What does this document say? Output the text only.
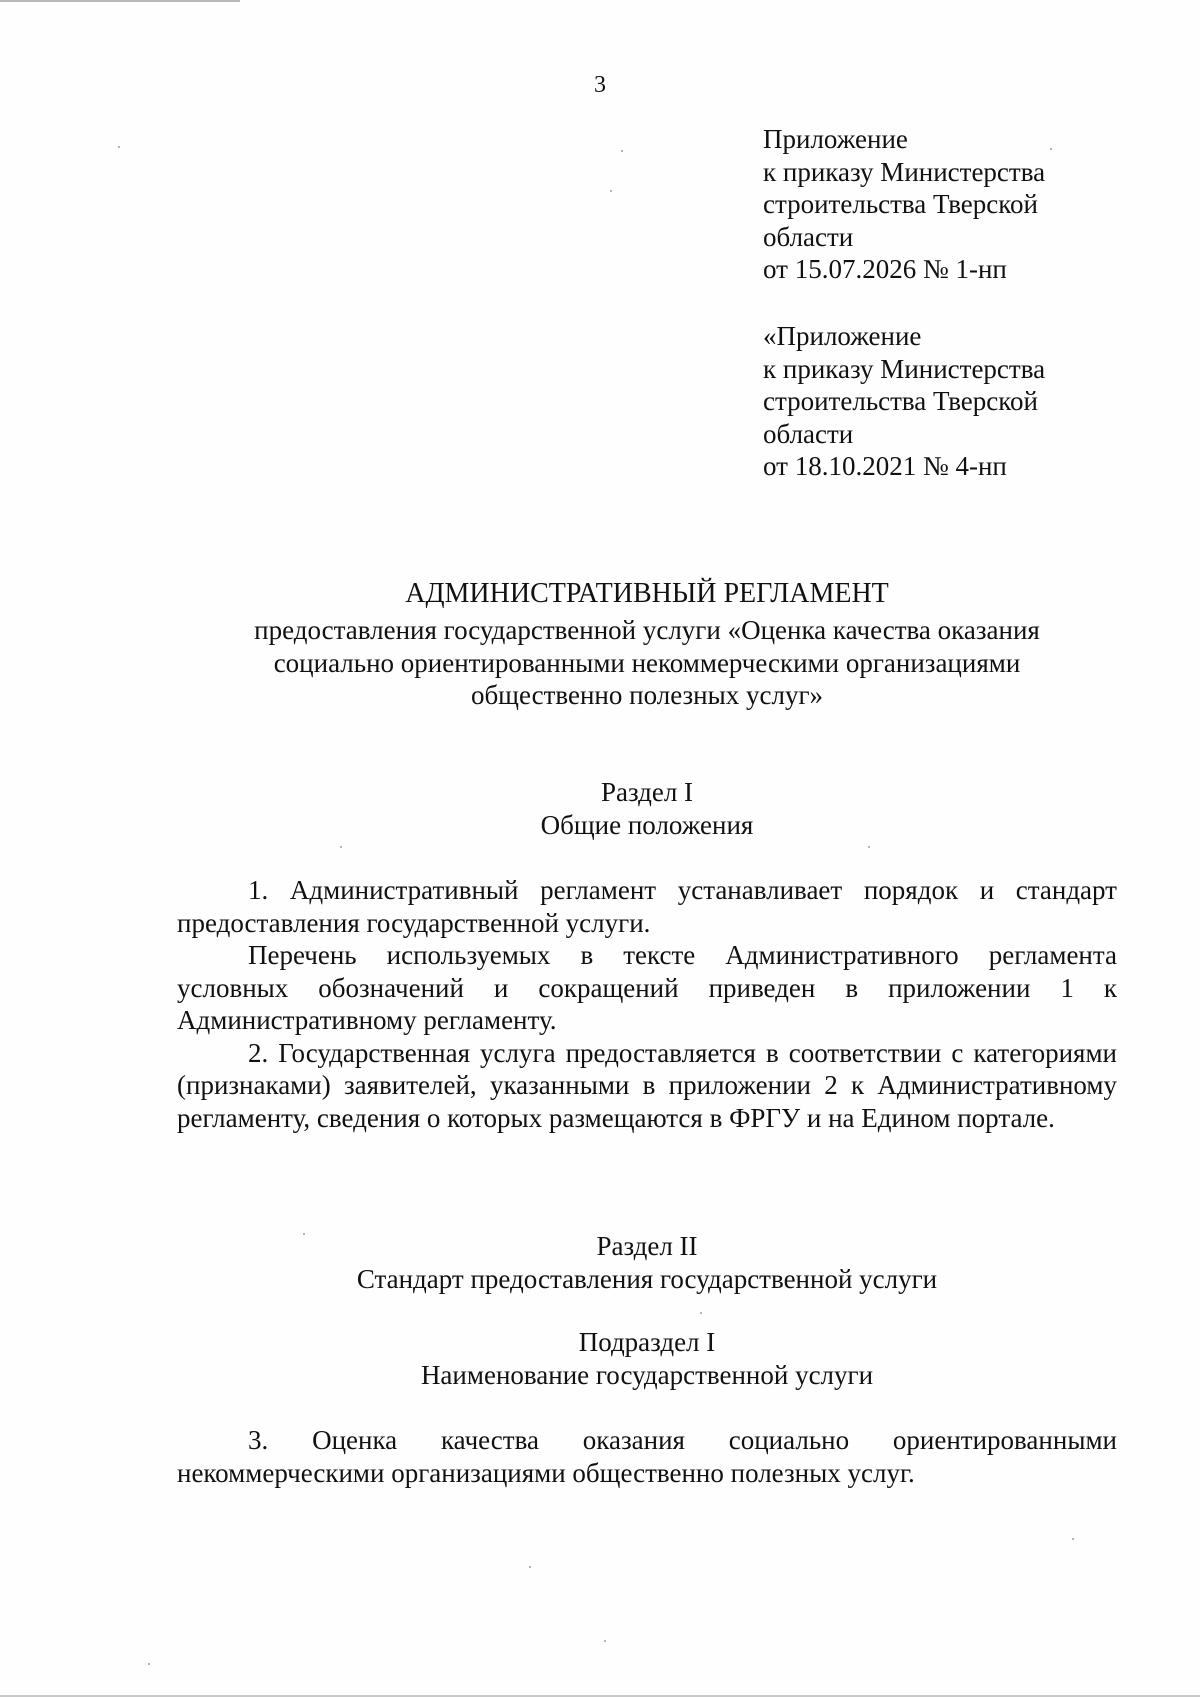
3
Приложение
к приказу Министерства
строительства Тверской
области
от 15.07.2026 № 1-нп
«Приложение
к приказу Министерства
строительства Тверской
области
от 18.10.2021 № 4-нп
АДМИНИСТРАТИВНЫЙ РЕГЛАМЕНТ
предоставления государственной услуги «Оценка качества оказания
социально ориентированными некоммерческими организациями
общественно полезных услуг»
Раздел I
Общие положения

1. Административный регламент устанавливает порядок и стандарт предоставления государственной услуги.

Перечень используемых в тексте Административного регламента условных обозначений и сокращений приведен в приложении 1 к Административному регламенту.

2. Государственная услуга предоставляется в соответствии с категориями (признаками) заявителей, указанными в приложении 2 к Административному регламенту, сведения о которых размещаются в ФРГУ и на Едином портале.

Раздел II
Стандарт предоставления государственной услуги
Подраздел I
Наименование государственной услуги

3. Оценка качества оказания социально ориентированными некоммерческими организациями общественно полезных услуг.
